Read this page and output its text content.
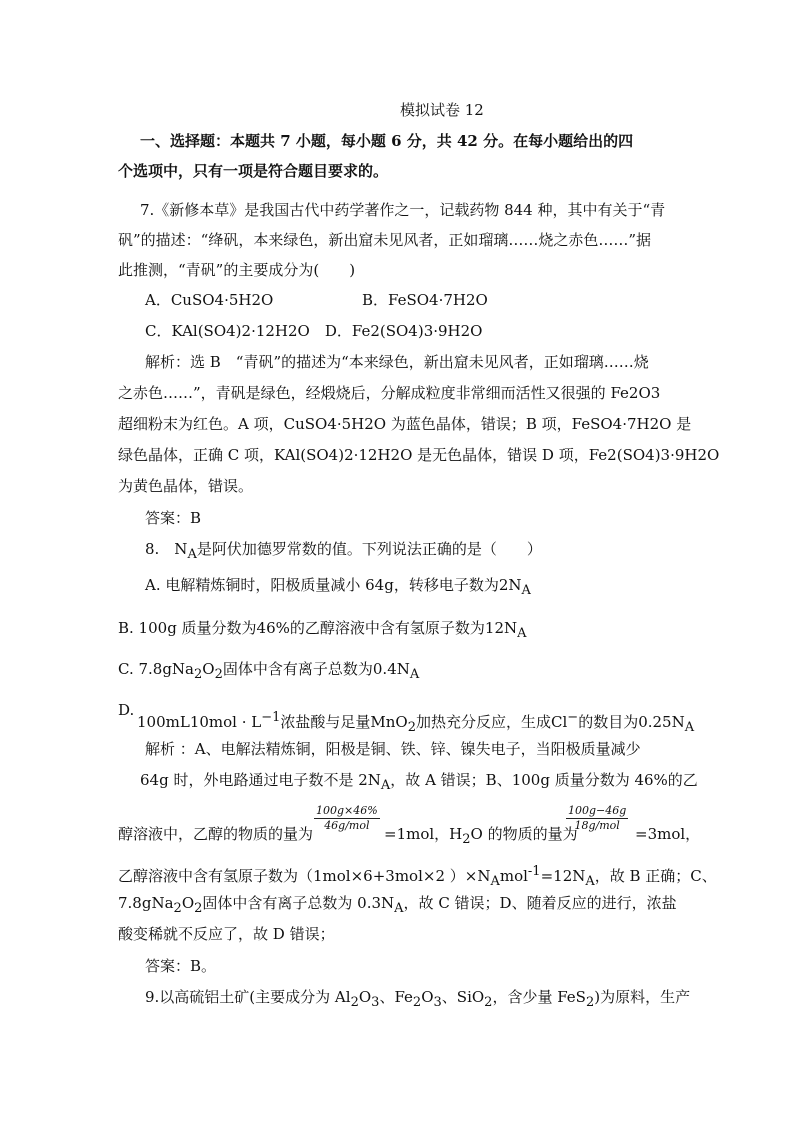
模拟试卷 12
一、选择题：本题共 7 小题，每小题 6 分，共 42 分。在每小题给出的四
个选项中，只有一项是符合题目要求的。
7.《新修本草》是我国古代中药学著作之一，记载药物 844 种，其中有关于“青
矾”的描述：“绛矾，本来绿色，新出窟未见风者，正如瑠璃……烧之赤色……”据
此推测，“青矾”的主要成分为(　　)
A．CuSO4·5H2O	B．FeSO4·7H2O
C．KAl(SO4)2·12H2O　D．Fe2(SO4)3·9H2O
解析：选 B　“青矾”的描述为“本来绿色，新出窟未见风者，正如瑠璃……烧
之赤色……”，青矾是绿色，经煅烧后，分解成粒度非常细而活性又很强的 Fe2O3
超细粉末为红色。A 项，CuSO4·5H2O 为蓝色晶体，错误；B 项，FeSO4·7H2O 是
绿色晶体，正确 C 项，KAl(SO4)2·12H2O 是无色晶体，错误 D 项，Fe2(SO4)3·9H2O
为黄色晶体，错误。
答案：B
8.　$N_A$是阿伏加德罗常数的值。下列说法正确的是（　　）
A. 电解精炼铜时，阳极质量减小 64g，转移电子数为$2N_A$
B. 100g 质量分数为46%的乙醇溶液中含有氢原子数为$12N_A$
C. $7.8gNa_2O_2$固体中含有离子总数为$0.4N_A$
D.
$100mL10mol \cdot L^{-1}$浓盐酸与足量MnO$_2$加热充分反应，生成Cl−的数目为$0.25N_A$
解析 ：A、电解法精炼铜，阳极是铜、铁、锌、镍失电子，当阳极质量减少
64g 时，外电路通过电子数不是 $2N_A$，故 A 错误；B、100g 质量分数为 46%的乙
醇溶液中，乙醇的物质的量为
100g×46%
46g/mol =1mol，$H_2O$ 的物质的量为
100g−46g
18g/mol	=3mol，
乙醇溶液中含有氢原子数为（1mol×6+3mol×2 ）$\times N_Amol^{-1}=12N_A$，故 B 正确；C、
$7.8gNa_2O_2$固体中含有离子总数为 $0.3N_A$，故 C 错误；D、随着反应的进行，浓盐
酸变稀就不反应了，故 D 错误；
答案：B。
9.以高硫铝土矿(主要成分为 $Al_2O_3$、$Fe_2O_3$、SiO$_2$，含少量 FeS$_2$)为原料，生产
